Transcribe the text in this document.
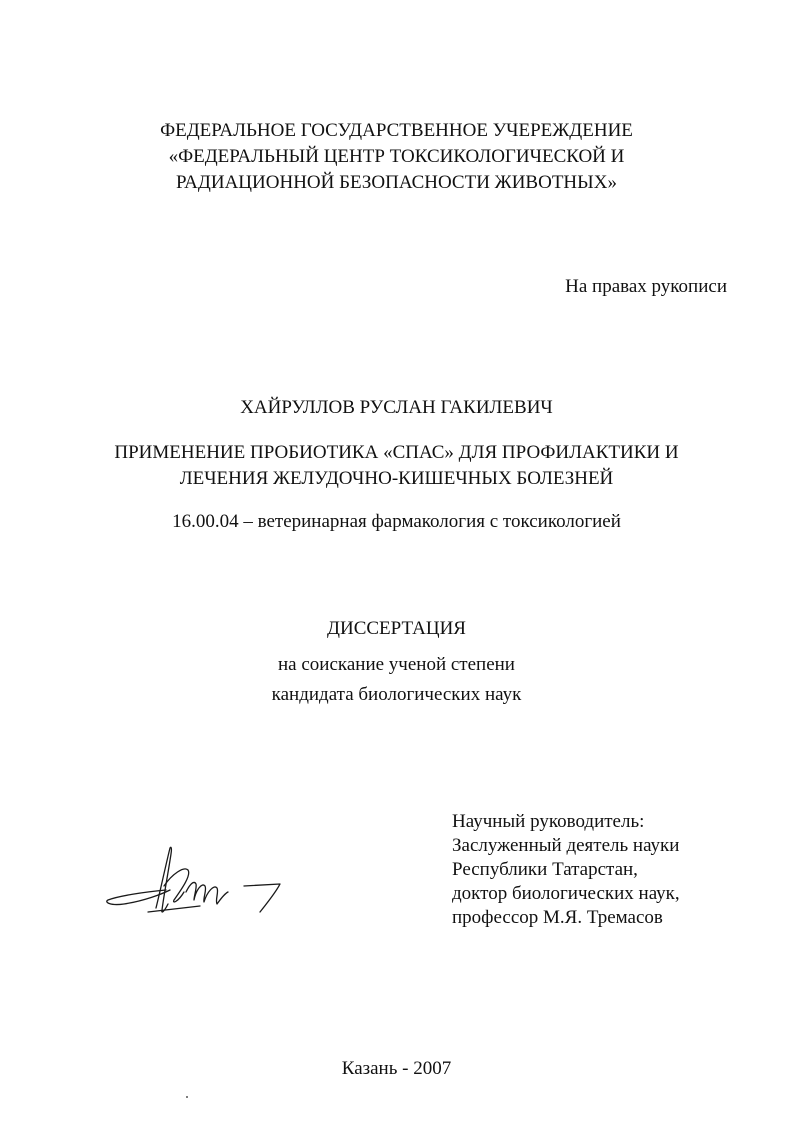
ФЕДЕРАЛЬНОЕ ГОСУДАРСТВЕННОЕ УЧЕРЕЖДЕНИЕ
«ФЕДЕРАЛЬНЫЙ ЦЕНТР ТОКСИКОЛОГИЧЕСКОЙ И
РАДИАЦИОННОЙ БЕЗОПАСНОСТИ ЖИВОТНЫХ»
На правах рукописи
ХАЙРУЛЛОВ РУСЛАН ГАКИЛЕВИЧ
ПРИМЕНЕНИЕ ПРОБИОТИКА «СПАС» ДЛЯ ПРОФИЛАКТИКИ И
ЛЕЧЕНИЯ ЖЕЛУДОЧНО-КИШЕЧНЫХ БОЛЕЗНЕЙ
16.00.04 – ветеринарная фармакология с токсикологией
ДИССЕРТАЦИЯ
на соискание ученой степени
кандидата биологических наук
Научный руководитель:
Заслуженный деятель науки
Республики Татарстан,
доктор биологических наук,
профессор М.Я. Тремасов
Казань - 2007
